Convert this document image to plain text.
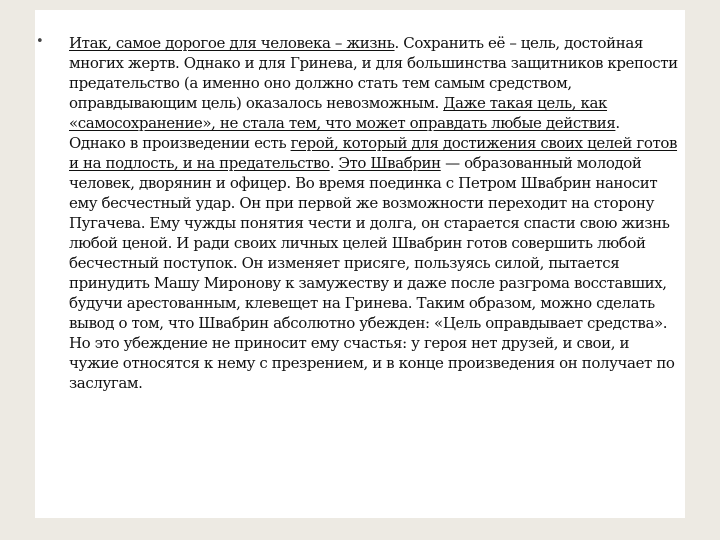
• Итак, самое дорогое для человека – жизнь. Сохранить её – цель, достойная многих жертв. Однако и для Гринева, и для большинства защитников крепости предательство (а именно оно должно стать тем самым средством, оправдывающим цель) оказалось невозможным. Даже такая цель, как «самосохранение», не стала тем, что может оправдать любые действия. Однако в произведении есть герой, который для достижения своих целей готов и на подлость, и на предательство. Это Швабрин — образованный молодой человек, дворянин и офицер. Во время поединка с Петром Швабрин наносит ему бесчестный удар. Он при первой же возможности переходит на сторону Пугачева. Ему чужды понятия чести и долга, он старается спасти свою жизнь любой ценой. И ради своих личных целей Швабрин готов совершить любой бесчестный поступок. Он изменяет присяге, пользуясь силой, пытается принудить Машу Миронову к замужеству и даже после разгрома восставших, будучи арестованным, клевещет на Гринева. Таким образом, можно сделать вывод о том, что Швабрин абсолютно убежден: «Цель оправдывает средства». Но это убеждение не приносит ему счастья: у героя нет друзей, и свои, и чужие относятся к нему с презрением, и в конце произведения он получает по заслугам.
